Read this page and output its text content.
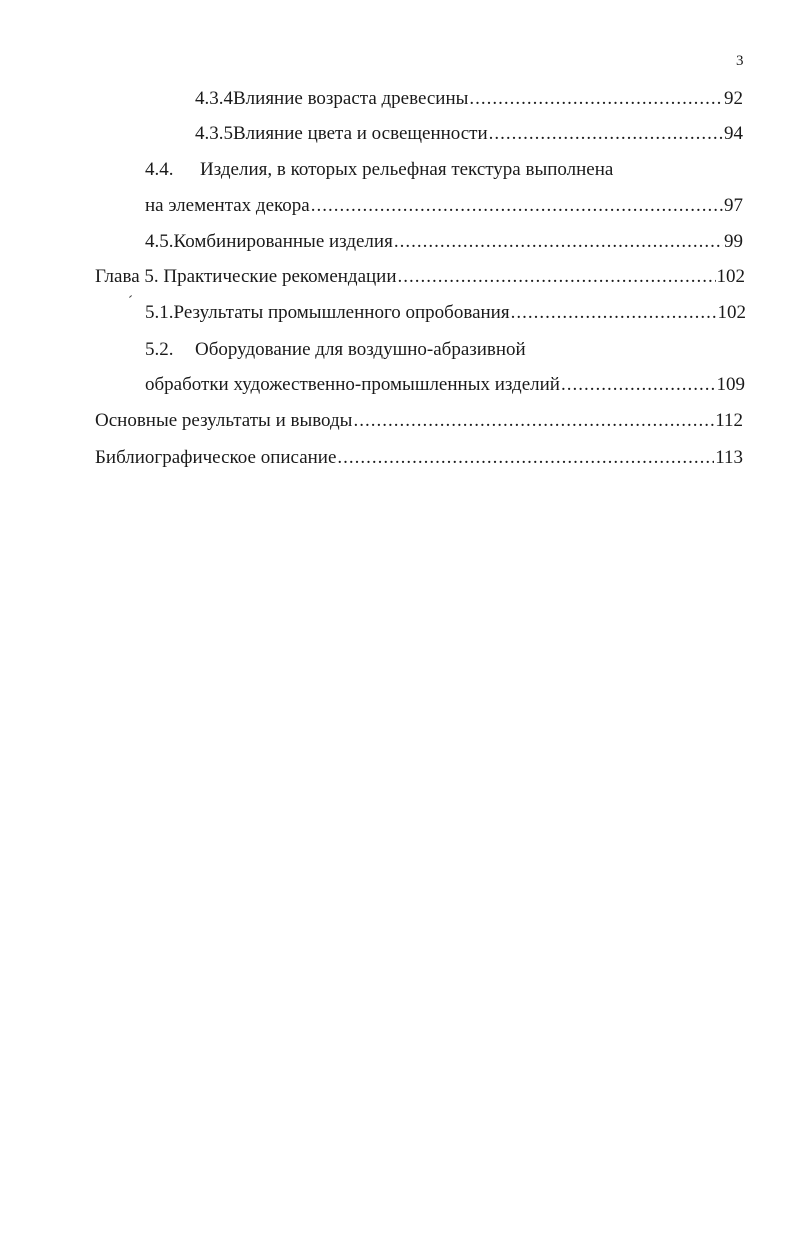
3
4.3.4 Влияние возраста древесины .....	92
4.3.5 Влияние цвета и освещенности .....	94
4.4.	Изделия, в которых рельефная текстура выполнена
на элементах декора .....	97
4.5. Комбинированные изделия .....	99
Глава 5. Практические рекомендации .....	102
5.1. Результаты промышленного опробования .....	102
5.2.	Оборудование для воздушно-абразивной
обработки художественно-промышленных изделий .....	109
Основные результаты и выводы .....	112
Библиографическое описание .....	113
